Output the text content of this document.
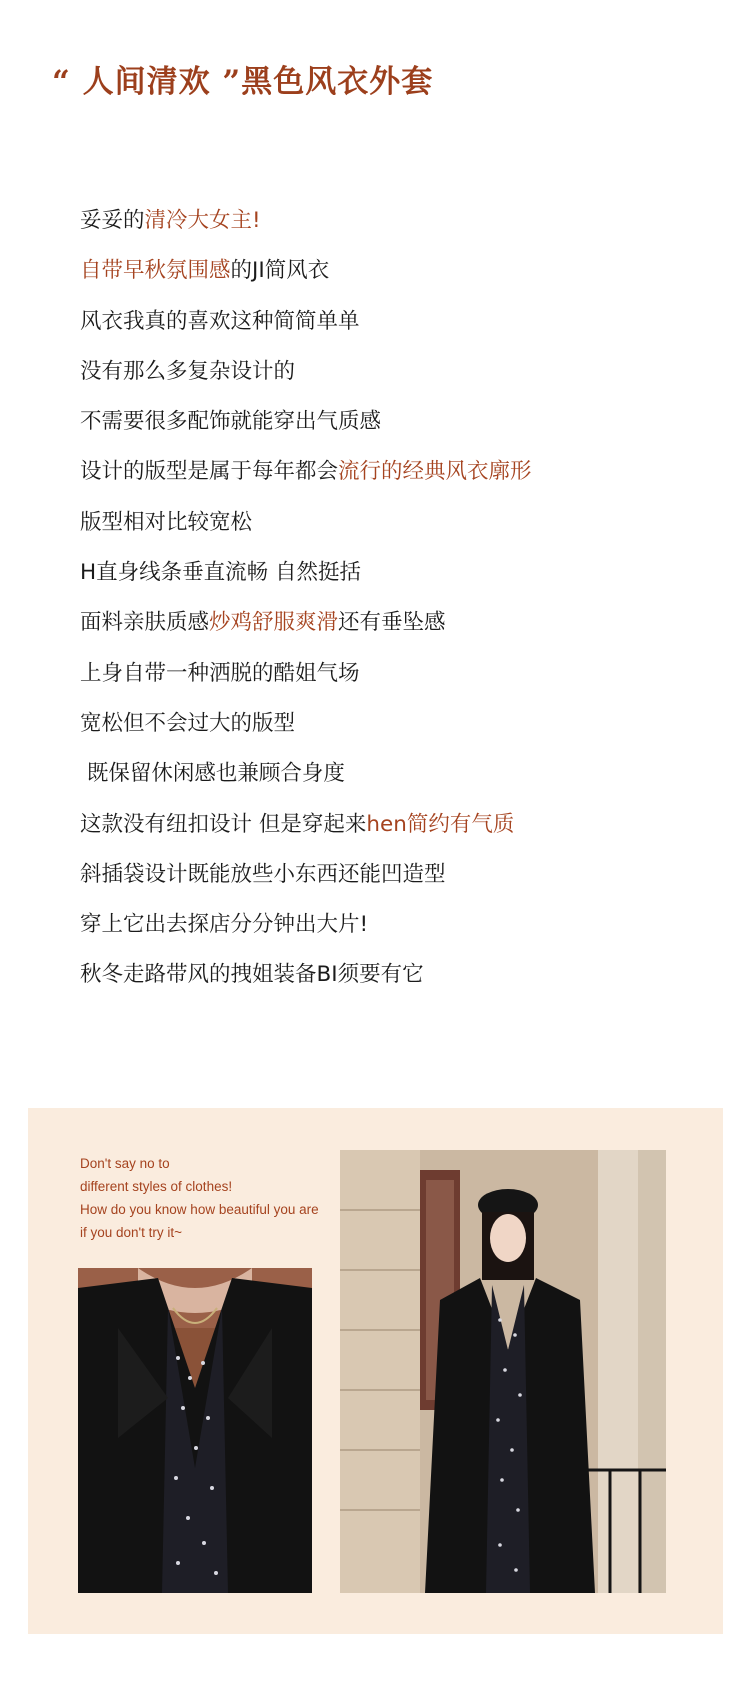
“ 人间清欢 ”黑色风衣外套
妥妥的清冷大女主!
自带早秋氛围感的JI简风衣
风衣我真的喜欢这种简简单单
没有那么多复杂设计的
不需要很多配饰就能穿出气质感
设计的版型是属于每年都会流行的经典风衣廓形
版型相对比较宽松
H直身线条垂直流畅 自然挺括
面料亲肤质感炒鸡舒服爽滑还有垂坠感
上身自带一种洒脱的酷姐气场
宽松但不会过大的版型
既保留休闲感也兼顾合身度
这款没有纽扣设计 但是穿起来hen简约有气质
斜插袋设计既能放些小东西还能凹造型
穿上它出去探店分分钟出大片!
秋冬走路带风的拽姐装备BI须要有它
Don't say no to
different styles of clothes!
How do you know how beautiful you are
if you don't try it~
